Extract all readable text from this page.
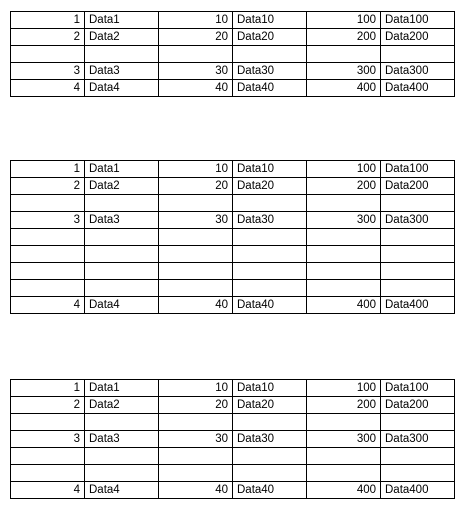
1	Data1	10	Data10	100	Data100
2	Data2	20	Data20	200	Data200

3	Data3	30	Data30	300	Data300
4	Data4	40	Data40	400	Data400
1	Data1	10	Data10	100	Data100
2	Data2	20	Data20	200	Data200

3	Data3	30	Data30	300	Data300

4	Data4	40	Data40	400	Data400
1	Data1	10	Data10	100	Data100
2	Data2	20	Data20	200	Data200

3	Data3	30	Data30	300	Data300

4	Data4	40	Data40	400	Data400
